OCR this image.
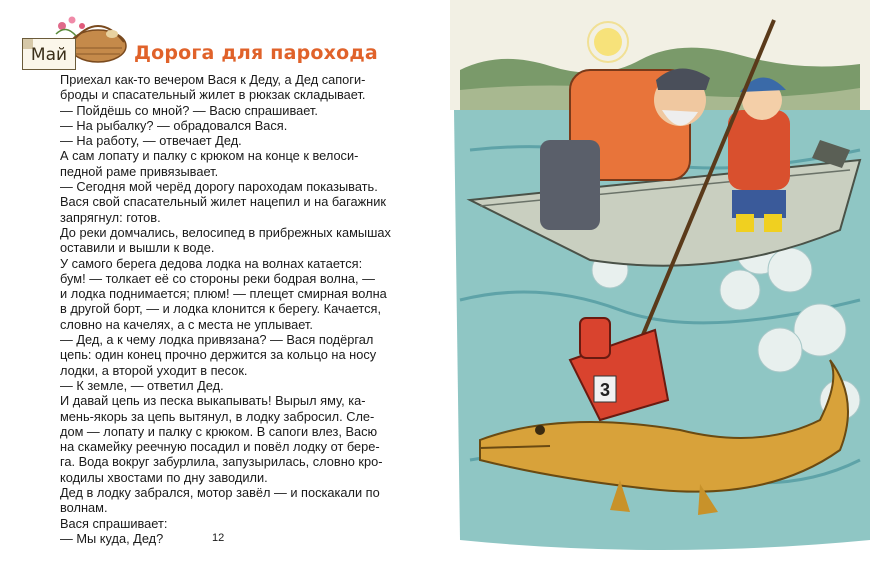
Май	Дорога для парохода

Приехал как-то вечером Вася к Деду, а Дед сапоги-

броды и спасательный жилет в рюкзак складывает.

— Пойдёшь со мной? — Васю спрашивает.

— На рыбалку? — обрадовался Вася.

— На работу, — отвечает Дед.

А сам лопату и палку с крюком на конце к велоси-

педной раме привязывает.

— Сегодня мой черёд дорогу пароходам показывать.

Вася свой спасательный жилет нацепил и на багажник

запрягнул: готов.

До реки домчались, велосипед в прибрежных камышах

оставили и вышли к воде.

У самого берега дедова лодка на волнах катается:

бум! — толкает её со стороны реки бодрая волна, —

и лодка поднимается; плюм! — плещет смирная волна

в другой борт, — и лодка клонится к берегу. Качается,

словно на качелях, а с места не уплывает.

— Дед, а к чему лодка привязана? — Вася подёргал

цепь: один конец прочно держится за кольцо на носу

лодки, а второй уходит в песок.

— К земле, — ответил Дед.

И давай цепь из песка выкапывать! Вырыл яму, ка-

мень-якорь за цепь вытянул, в лодку забросил. Сле-

дом — лопату и палку с крюком. В сапоги влез, Васю

на скамейку реечную посадил и повёл лодку от бере-

га. Вода вокруг забурлила, запузырилась, словно кро-

кодилы хвостами по дну заводили.

Дед в лодку забрался, мотор завёл — и поскакали по

волнам.

Вася спрашивает:

— Мы куда, Дед?	12
3
